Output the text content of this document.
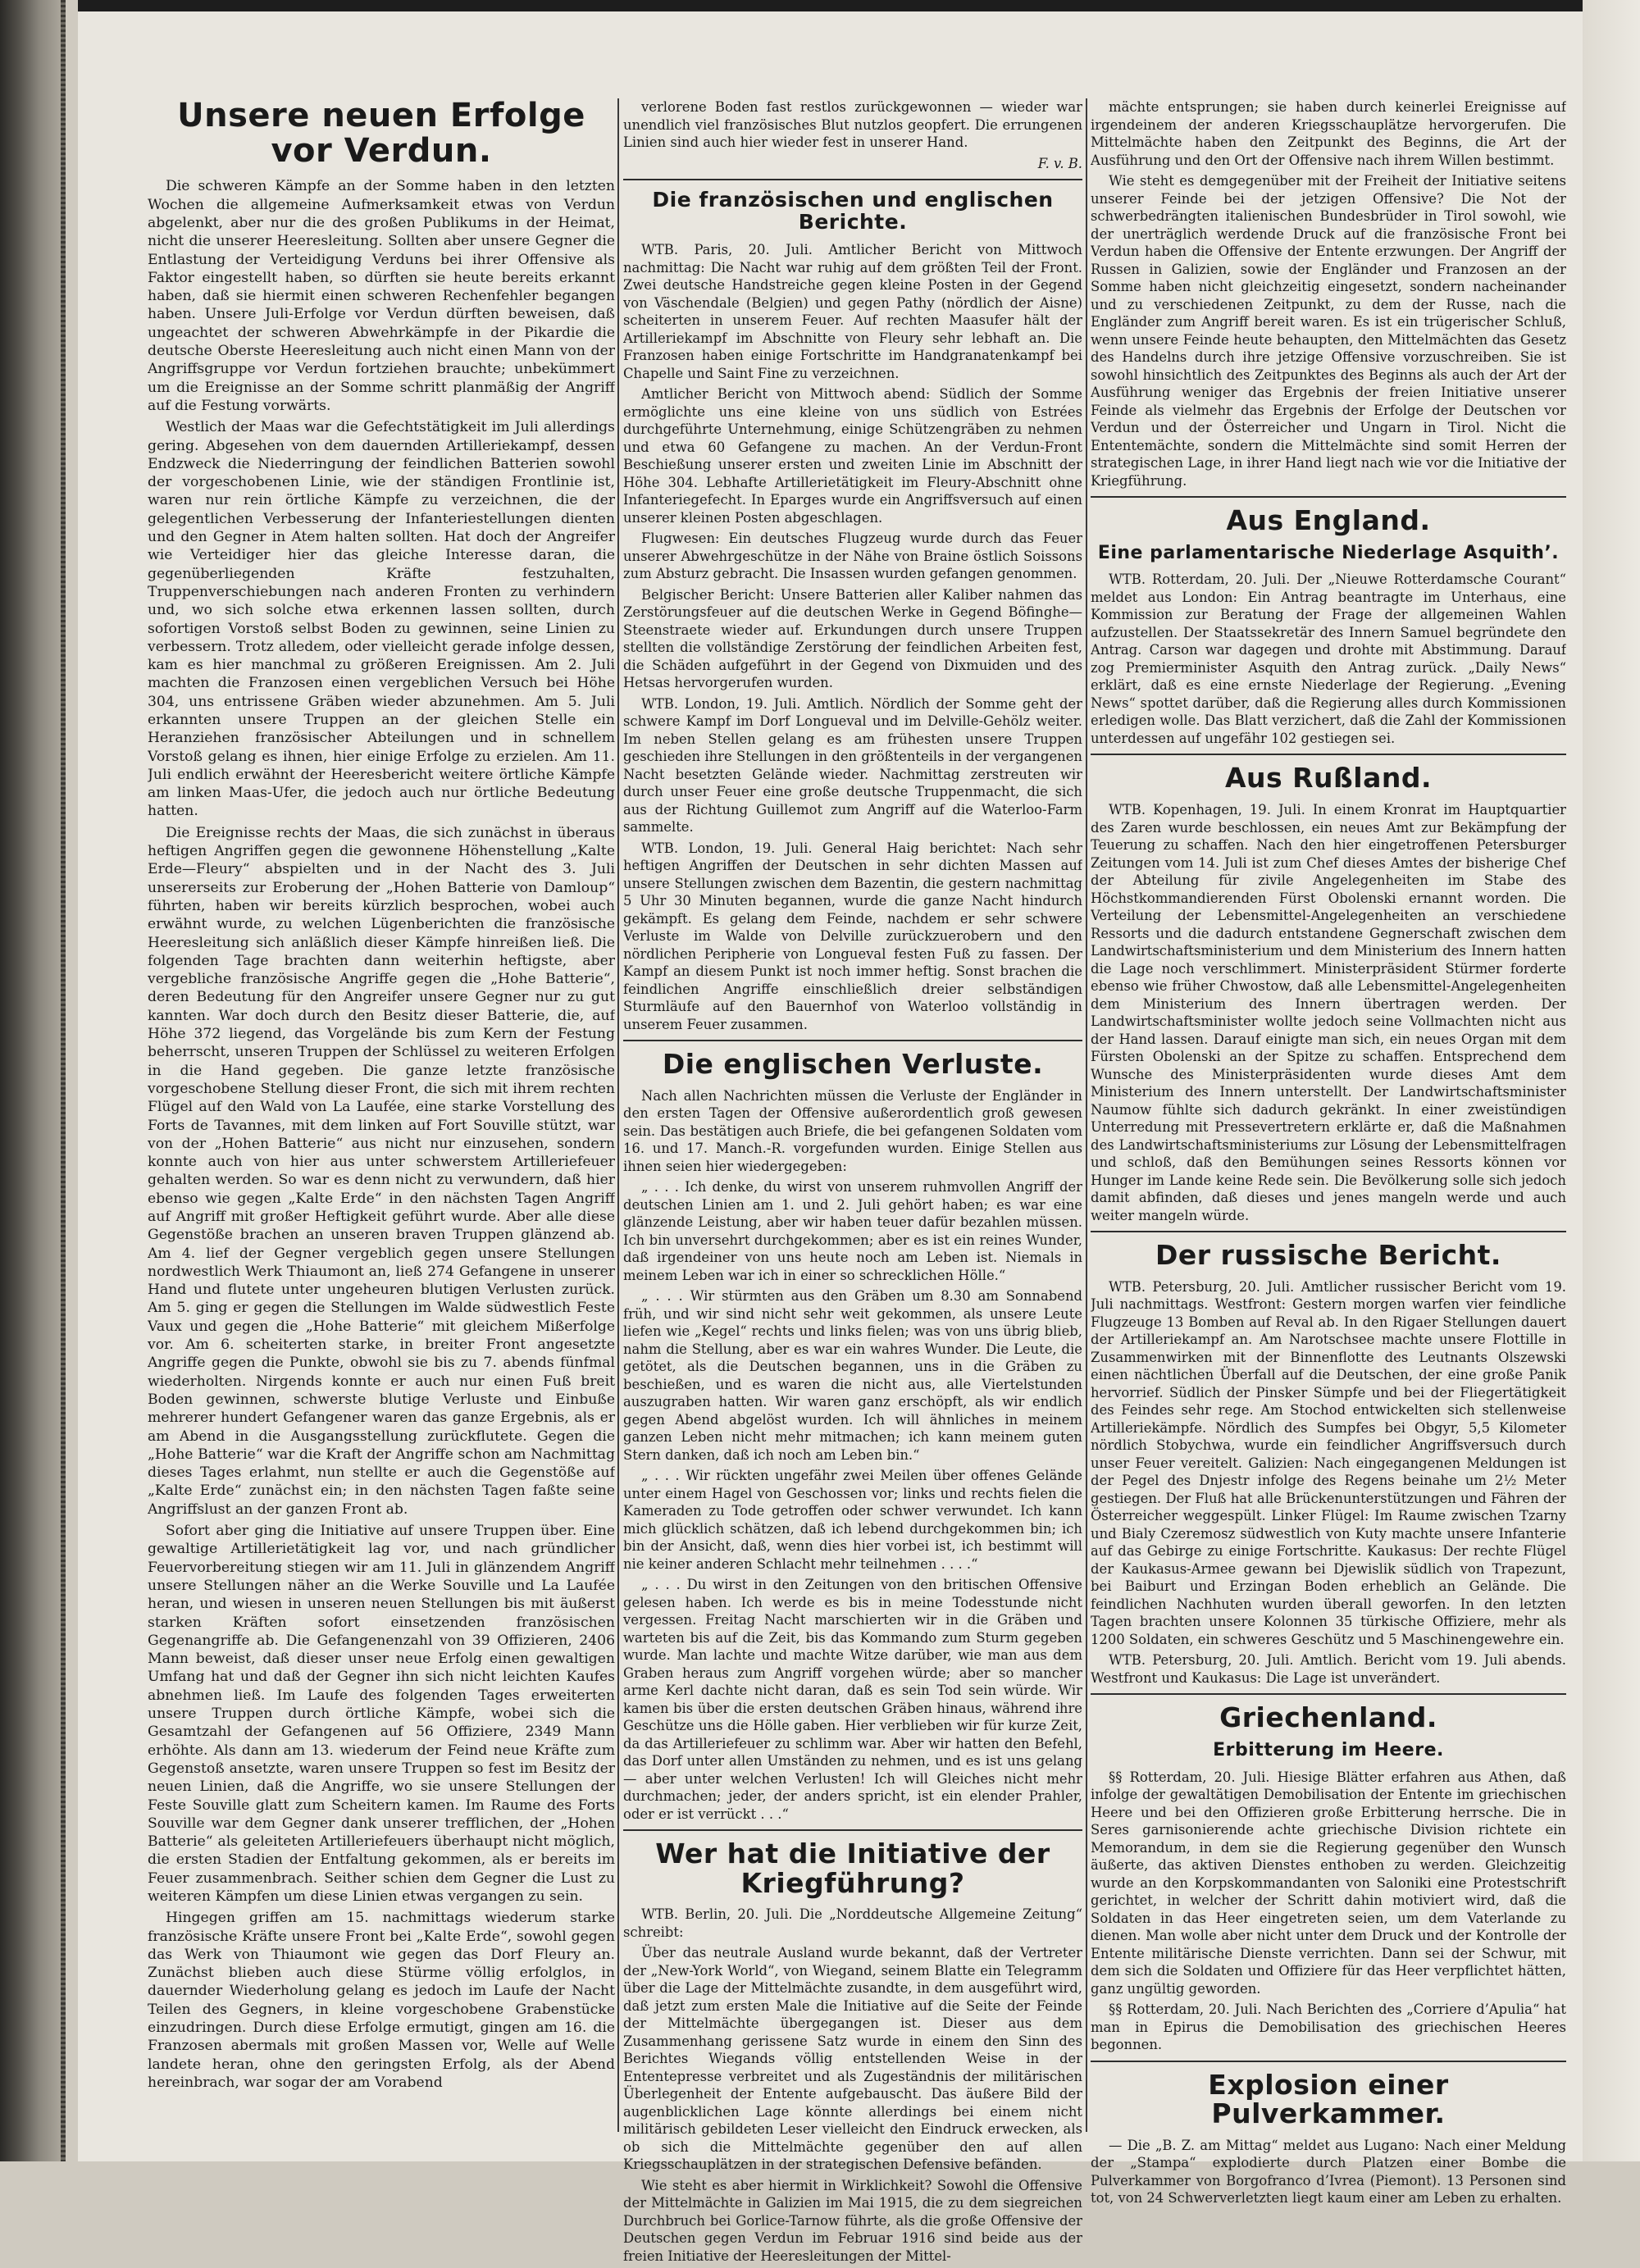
Unsere neuen Erfolge vor Verdun.

Die schweren Kämpfe an der Somme haben in den letzten Wochen die allgemeine Aufmerksamkeit etwas von Verdun abgelenkt, aber nur die des großen Publikums in der Heimat, nicht die unserer Heeresleitung. Sollten aber unsere Gegner die Entlastung der Verteidigung Verduns bei ihrer Offensive als Faktor eingestellt haben, so dürften sie heute bereits erkannt haben, daß sie hiermit einen schweren Rechenfehler begangen haben. Unsere Juli-Erfolge vor Verdun dürften beweisen, daß ungeachtet der schweren Abwehrkämpfe in der Pikardie die deutsche Oberste Heeresleitung auch nicht einen Mann von der Angriffsgruppe vor Verdun fortziehen brauchte; unbekümmert um die Ereignisse an der Somme schritt planmäßig der Angriff auf die Festung vorwärts.

Westlich der Maas war die Gefechtstätigkeit im Juli allerdings gering. Abgesehen von dem dauernden Artilleriekampf, dessen Endzweck die Niederringung der feindlichen Batterien sowohl der vorgeschobenen Linie, wie der ständigen Frontlinie ist, waren nur rein örtliche Kämpfe zu verzeichnen, die der gelegentlichen Verbesserung der Infanteriestellungen dienten und den Gegner in Atem halten sollten. Hat doch der Angreifer wie Verteidiger hier das gleiche Interesse daran, die gegenüberliegenden Kräfte festzuhalten, Truppenverschiebungen nach anderen Fronten zu verhindern und, wo sich solche etwa erkennen lassen sollten, durch sofortigen Vorstoß selbst Boden zu gewinnen, seine Linien zu verbessern. Trotz alledem, oder vielleicht gerade infolge dessen, kam es hier manchmal zu größeren Ereignissen. Am 2. Juli machten die Franzosen einen vergeblichen Versuch bei Höhe 304, uns entrissene Gräben wieder abzunehmen. Am 5. Juli erkannten unsere Truppen an der gleichen Stelle ein Heranziehen französischer Abteilungen und in schnellem Vorstoß gelang es ihnen, hier einige Erfolge zu erzielen. Am 11. Juli endlich erwähnt der Heeresbericht weitere örtliche Kämpfe am linken Maas-Ufer, die jedoch auch nur örtliche Bedeutung hatten.

Die Ereignisse rechts der Maas, die sich zunächst in überaus heftigen Angriffen gegen die gewonnene Höhenstellung „Kalte Erde—Fleury“ abspielten und in der Nacht des 3. Juli unsererseits zur Eroberung der „Hohen Batterie von Damloup“ führten, haben wir bereits kürzlich besprochen, wobei auch erwähnt wurde, zu welchen Lügenberichten die französische Heeresleitung sich anläßlich dieser Kämpfe hinreißen ließ. Die folgenden Tage brachten dann weiterhin heftigste, aber vergebliche französische Angriffe gegen die „Hohe Batterie“, deren Bedeutung für den Angreifer unsere Gegner nur zu gut kannten. War doch durch den Besitz dieser Batterie, die, auf Höhe 372 liegend, das Vorgelände bis zum Kern der Festung beherrscht, unseren Truppen der Schlüssel zu weiteren Erfolgen in die Hand gegeben. Die ganze letzte französische vorgeschobene Stellung dieser Front, die sich mit ihrem rechten Flügel auf den Wald von La Laufée, eine starke Vorstellung des Forts de Tavannes, mit dem linken auf Fort Souville stützt, war von der „Hohen Batterie“ aus nicht nur einzusehen, sondern konnte auch von hier aus unter schwerstem Artilleriefeuer gehalten werden. So war es denn nicht zu verwundern, daß hier ebenso wie gegen „Kalte Erde“ in den nächsten Tagen Angriff auf Angriff mit großer Heftigkeit geführt wurde. Aber alle diese Gegenstöße brachen an unseren braven Truppen glänzend ab. Am 4. lief der Gegner vergeblich gegen unsere Stellungen nordwestlich Werk Thiaumont an, ließ 274 Gefangene in unserer Hand und flutete unter ungeheuren blutigen Verlusten zurück. Am 5. ging er gegen die Stellungen im Walde südwestlich Feste Vaux und gegen die „Hohe Batterie“ mit gleichem Mißerfolge vor. Am 6. scheiterten starke, in breiter Front angesetzte Angriffe gegen die Punkte, obwohl sie bis zu 7. abends fünfmal wiederholten. Nirgends konnte er auch nur einen Fuß breit Boden gewinnen, schwerste blutige Verluste und Einbuße mehrerer hundert Gefangener waren das ganze Ergebnis, als er am Abend in die Ausgangsstellung zurückflutete. Gegen die „Hohe Batterie“ war die Kraft der Angriffe schon am Nachmittag dieses Tages erlahmt, nun stellte er auch die Gegenstöße auf „Kalte Erde“ zunächst ein; in den nächsten Tagen faßte seine Angriffslust an der ganzen Front ab.

Sofort aber ging die Initiative auf unsere Truppen über. Eine gewaltige Artillerietätigkeit lag vor, und nach gründlicher Feuervorbereitung stiegen wir am 11. Juli in glänzendem Angriff unsere Stellungen näher an die Werke Souville und La Laufée heran, und wiesen in unseren neuen Stellungen bis mit äußerst starken Kräften sofort einsetzenden französischen Gegenangriffe ab. Die Gefangenenzahl von 39 Offizieren, 2406 Mann beweist, daß dieser unser neue Erfolg einen gewaltigen Umfang hat und daß der Gegner ihn sich nicht leichten Kaufes abnehmen ließ. Im Laufe des folgenden Tages erweiterten unsere Truppen durch örtliche Kämpfe, wobei sich die Gesamtzahl der Gefangenen auf 56 Offiziere, 2349 Mann erhöhte. Als dann am 13. wiederum der Feind neue Kräfte zum Gegenstoß ansetzte, waren unsere Truppen so fest im Besitz der neuen Linien, daß die Angriffe, wo sie unsere Stellungen der Feste Souville glatt zum Scheitern kamen. Im Raume des Forts Souville war dem Gegner dank unserer trefflichen, der „Hohen Batterie“ als geleiteten Artilleriefeuers überhaupt nicht möglich, die ersten Stadien der Entfaltung gekommen, als er bereits im Feuer zusammenbrach. Seither schien dem Gegner die Lust zu weiteren Kämpfen um diese Linien etwas vergangen zu sein.

Hingegen griffen am 15. nachmittags wiederum starke französische Kräfte unsere Front bei „Kalte Erde“, sowohl gegen das Werk von Thiaumont wie gegen das Dorf Fleury an. Zunächst blieben auch diese Stürme völlig erfolglos, in dauernder Wiederholung gelang es jedoch im Laufe der Nacht Teilen des Gegners, in kleine vorgeschobene Grabenstücke einzudringen. Durch diese Erfolge ermutigt, gingen am 16. die Franzosen abermals mit großen Massen vor, Welle auf Welle landete heran, ohne den geringsten Erfolg, als der Abend hereinbrach, war sogar der am Vorabend

verlorene Boden fast restlos zurückgewonnen — wieder war unendlich viel französisches Blut nutzlos geopfert. Die errungenen Linien sind auch hier wieder fest in unserer Hand.

F. v. B.
Die französischen und englischen Berichte.

WTB. Paris, 20. Juli. Amtlicher Bericht von Mittwoch nachmittag: Die Nacht war ruhig auf dem größten Teil der Front. Zwei deutsche Handstreiche gegen kleine Posten in der Gegend von Väschendale (Belgien) und gegen Pathy (nördlich der Aisne) scheiterten in unserem Feuer. Auf rechten Maasufer hält der Artilleriekampf im Abschnitte von Fleury sehr lebhaft an. Die Franzosen haben einige Fortschritte im Handgranatenkampf bei Chapelle und Saint Fine zu verzeichnen.

Amtlicher Bericht von Mittwoch abend: Südlich der Somme ermöglichte uns eine kleine von uns südlich von Estrées durchgeführte Unternehmung, einige Schützengräben zu nehmen und etwa 60 Gefangene zu machen. An der Verdun-Front Beschießung unserer ersten und zweiten Linie im Abschnitt der Höhe 304. Lebhafte Artillerietätigkeit im Fleury-Abschnitt ohne Infanteriegefecht. In Eparges wurde ein Angriffsversuch auf einen unserer kleinen Posten abgeschlagen.

Flugwesen: Ein deutsches Flugzeug wurde durch das Feuer unserer Abwehrgeschütze in der Nähe von Braine östlich Soissons zum Absturz gebracht. Die Insassen wurden gefangen genommen.

Belgischer Bericht: Unsere Batterien aller Kaliber nahmen das Zerstörungsfeuer auf die deutschen Werke in Gegend Böfinghe—Steenstraete wieder auf. Erkundungen durch unsere Truppen stellten die vollständige Zerstörung der feindlichen Arbeiten fest, die Schäden aufgeführt in der Gegend von Dixmuiden und des Hetsas hervorgerufen wurden.

WTB. London, 19. Juli. Amtlich. Nördlich der Somme geht der schwere Kampf im Dorf Longueval und im Delville-Gehölz weiter. Im neben Stellen gelang es am frühesten unsere Truppen geschieden ihre Stellungen in den größtenteils in der vergangenen Nacht besetzten Gelände wieder. Nachmittag zerstreuten wir durch unser Feuer eine große deutsche Truppenmacht, die sich aus der Richtung Guillemot zum Angriff auf die Waterloo-Farm sammelte.

WTB. London, 19. Juli. General Haig berichtet: Nach sehr heftigen Angriffen der Deutschen in sehr dichten Massen auf unsere Stellungen zwischen dem Bazentin, die gestern nachmittag 5 Uhr 30 Minuten begannen, wurde die ganze Nacht hindurch gekämpft. Es gelang dem Feinde, nachdem er sehr schwere Verluste im Walde von Delville zurückzuerobern und den nördlichen Peripherie von Longueval festen Fuß zu fassen. Der Kampf an diesem Punkt ist noch immer heftig. Sonst brachen die feindlichen Angriffe einschließlich dreier selbständigen Sturmläufe auf den Bauernhof von Waterloo vollständig in unserem Feuer zusammen.

Die englischen Verluste.

Nach allen Nachrichten müssen die Verluste der Engländer in den ersten Tagen der Offensive außerordentlich groß gewesen sein. Das bestätigen auch Briefe, die bei gefangenen Soldaten vom 16. und 17. Manch.-R. vorgefunden wurden. Einige Stellen aus ihnen seien hier wiedergegeben:

„ . . . Ich denke, du wirst von unserem ruhmvollen Angriff der deutschen Linien am 1. und 2. Juli gehört haben; es war eine glänzende Leistung, aber wir haben teuer dafür bezahlen müssen. Ich bin unversehrt durchgekommen; aber es ist ein reines Wunder, daß irgendeiner von uns heute noch am Leben ist. Niemals in meinem Leben war ich in einer so schrecklichen Hölle.“

„ . . . Wir stürmten aus den Gräben um 8.30 am Sonnabend früh, und wir sind nicht sehr weit gekommen, als unsere Leute liefen wie „Kegel“ rechts und links fielen; was von uns übrig blieb, nahm die Stellung, aber es war ein wahres Wunder. Die Leute, die getötet, als die Deutschen begannen, uns in die Gräben zu beschießen, und es waren die nicht aus, alle Viertelstunden auszugraben hatten. Wir waren ganz erschöpft, als wir endlich gegen Abend abgelöst wurden. Ich will ähnliches in meinem ganzen Leben nicht mehr mitmachen; ich kann meinem guten Stern danken, daß ich noch am Leben bin.“

„ . . . Wir rückten ungefähr zwei Meilen über offenes Gelände unter einem Hagel von Geschossen vor; links und rechts fielen die Kameraden zu Tode getroffen oder schwer verwundet. Ich kann mich glücklich schätzen, daß ich lebend durchgekommen bin; ich bin der Ansicht, daß, wenn dies hier vorbei ist, ich bestimmt will nie keiner anderen Schlacht mehr teilnehmen . . . .“

„ . . . Du wirst in den Zeitungen von den britischen Offensive gelesen haben. Ich werde es bis in meine Todesstunde nicht vergessen. Freitag Nacht marschierten wir in die Gräben und warteten bis auf die Zeit, bis das Kommando zum Sturm gegeben wurde. Man lachte und machte Witze darüber, wie man aus dem Graben heraus zum Angriff vorgehen würde; aber so mancher arme Kerl dachte nicht daran, daß es sein Tod sein würde. Wir kamen bis über die ersten deutschen Gräben hinaus, während ihre Geschütze uns die Hölle gaben. Hier verblieben wir für kurze Zeit, da das Artilleriefeuer zu schlimm war. Aber wir hatten den Befehl, das Dorf unter allen Umständen zu nehmen, und es ist uns gelang — aber unter welchen Verlusten! Ich will Gleiches nicht mehr durchmachen; jeder, der anders spricht, ist ein elender Prahler, oder er ist verrückt . . .“

Wer hat die Initiative der Kriegführung?

WTB. Berlin, 20. Juli. Die „Norddeutsche Allgemeine Zeitung“ schreibt:

Über das neutrale Ausland wurde bekannt, daß der Vertreter der „New-York World“, von Wiegand, seinem Blatte ein Telegramm über die Lage der Mittelmächte zusandte, in dem ausgeführt wird, daß jetzt zum ersten Male die Initiative auf die Seite der Feinde der Mittelmächte übergegangen ist. Dieser aus dem Zusammenhang gerissene Satz wurde in einem den Sinn des Berichtes Wiegands völlig entstellenden Weise in der Ententepresse verbreitet und als Zugeständnis der militärischen Überlegenheit der Entente aufgebauscht. Das äußere Bild der augenblicklichen Lage könnte allerdings bei einem nicht militärisch gebildeten Leser vielleicht den Eindruck erwecken, als ob sich die Mittelmächte gegenüber den auf allen Kriegsschauplätzen in der strategischen Defensive befänden.

Wie steht es aber hiermit in Wirklichkeit? Sowohl die Offensive der Mittelmächte in Galizien im Mai 1915, die zu dem siegreichen Durchbruch bei Gorlice-Tarnow führte, als die große Offensive der Deutschen gegen Verdun im Februar 1916 sind beide aus der freien Initiative der Heeresleitungen der Mittel-

mächte entsprungen; sie haben durch keinerlei Ereignisse auf irgendeinem der anderen Kriegsschauplätze hervorgerufen. Die Mittelmächte haben den Zeitpunkt des Beginns, die Art der Ausführung und den Ort der Offensive nach ihrem Willen bestimmt.

Wie steht es demgegenüber mit der Freiheit der Initiative seitens unserer Feinde bei der jetzigen Offensive? Die Not der schwerbedrängten italienischen Bundesbrüder in Tirol sowohl, wie der unerträglich werdende Druck auf die französische Front bei Verdun haben die Offensive der Entente erzwungen. Der Angriff der Russen in Galizien, sowie der Engländer und Franzosen an der Somme haben nicht gleichzeitig eingesetzt, sondern nacheinander und zu verschiedenen Zeitpunkt, zu dem der Russe, nach die Engländer zum Angriff bereit waren. Es ist ein trügerischer Schluß, wenn unsere Feinde heute behaupten, den Mittelmächten das Gesetz des Handelns durch ihre jetzige Offensive vorzuschreiben. Sie ist sowohl hinsichtlich des Zeitpunktes des Beginns als auch der Art der Ausführung weniger das Ergebnis der freien Initiative unserer Feinde als vielmehr das Ergebnis der Erfolge der Deutschen vor Verdun und der Österreicher und Ungarn in Tirol. Nicht die Ententemächte, sondern die Mittelmächte sind somit Herren der strategischen Lage, in ihrer Hand liegt nach wie vor die Initiative der Kriegführung.

Aus England.
Eine parlamentarische Niederlage Asquith’.

WTB. Rotterdam, 20. Juli. Der „Nieuwe Rotterdamsche Courant“ meldet aus London: Ein Antrag beantragte im Unterhaus, eine Kommission zur Beratung der Frage der allgemeinen Wahlen aufzustellen. Der Staatssekretär des Innern Samuel begründete den Antrag. Carson war dagegen und drohte mit Abstimmung. Darauf zog Premierminister Asquith den Antrag zurück. „Daily News“ erklärt, daß es eine ernste Niederlage der Regierung. „Evening News“ spottet darüber, daß die Regierung alles durch Kommissionen erledigen wolle. Das Blatt verzichert, daß die Zahl der Kommissionen unterdessen auf ungefähr 102 gestiegen sei.

Aus Rußland.

WTB. Kopenhagen, 19. Juli. In einem Kronrat im Hauptquartier des Zaren wurde beschlossen, ein neues Amt zur Bekämpfung der Teuerung zu schaffen. Nach den hier eingetroffenen Petersburger Zeitungen vom 14. Juli ist zum Chef dieses Amtes der bisherige Chef der Abteilung für zivile Angelegenheiten im Stabe des Höchstkommandierenden Fürst Obolenski ernannt worden. Die Verteilung der Lebensmittel-Angelegenheiten an verschiedene Ressorts und die dadurch entstandene Gegnerschaft zwischen dem Landwirtschaftsministerium und dem Ministerium des Innern hatten die Lage noch verschlimmert. Ministerpräsident Stürmer forderte ebenso wie früher Chwostow, daß alle Lebensmittel-Angelegenheiten dem Ministerium des Innern übertragen werden. Der Landwirtschaftsminister wollte jedoch seine Vollmachten nicht aus der Hand lassen. Darauf einigte man sich, ein neues Organ mit dem Fürsten Obolenski an der Spitze zu schaffen. Entsprechend dem Wunsche des Ministerpräsidenten wurde dieses Amt dem Ministerium des Innern unterstellt. Der Landwirtschaftsminister Naumow fühlte sich dadurch gekränkt. In einer zweistündigen Unterredung mit Pressevertretern erklärte er, daß die Maßnahmen des Landwirtschaftsministeriums zur Lösung der Lebensmittelfragen und schloß, daß den Bemühungen seines Ressorts können vor Hunger im Lande keine Rede sein. Die Bevölkerung solle sich jedoch damit abfinden, daß dieses und jenes mangeln werde und auch weiter mangeln würde.

Der russische Bericht.

WTB. Petersburg, 20. Juli. Amtlicher russischer Bericht vom 19. Juli nachmittags. Westfront: Gestern morgen warfen vier feindliche Flugzeuge 13 Bomben auf Reval ab. In den Rigaer Stellungen dauert der Artilleriekampf an. Am Narotschsee machte unsere Flottille in Zusammenwirken mit der Binnenflotte des Leutnants Olszewski einen nächtlichen Überfall auf die Deutschen, der eine große Panik hervorrief. Südlich der Pinsker Sümpfe und bei der Fliegertätigkeit des Feindes sehr rege. Am Stochod entwickelten sich stellenweise Artilleriekämpfe. Nördlich des Sumpfes bei Obgyr, 5,5 Kilometer nördlich Stobychwa, wurde ein feindlicher Angriffsversuch durch unser Feuer vereitelt. Galizien: Nach eingegangenen Meldungen ist der Pegel des Dnjestr infolge des Regens beinahe um 2½ Meter gestiegen. Der Fluß hat alle Brückenunterstützungen und Fähren der Österreicher weggespült. Linker Flügel: Im Raume zwischen Tzarny und Bialy Czeremosz südwestlich von Kuty machte unsere Infanterie auf das Gebirge zu einige Fortschritte. Kaukasus: Der rechte Flügel der Kaukasus-Armee gewann bei Djewislik südlich von Trapezunt, bei Baiburt und Erzingan Boden erheblich an Gelände. Die feindlichen Nachhuten wurden überall geworfen. In den letzten Tagen brachten unsere Kolonnen 35 türkische Offiziere, mehr als 1200 Soldaten, ein schweres Geschütz und 5 Maschinengewehre ein.

WTB. Petersburg, 20. Juli. Amtlich. Bericht vom 19. Juli abends. Westfront und Kaukasus: Die Lage ist unverändert.

Griechenland.
Erbitterung im Heere.

§§ Rotterdam, 20. Juli. Hiesige Blätter erfahren aus Athen, daß infolge der gewaltätigen Demobilisation der Entente im griechischen Heere und bei den Offizieren große Erbitterung herrsche. Die in Seres garnisonierende achte griechische Division richtete ein Memorandum, in dem sie die Regierung gegenüber den Wunsch äußerte, das aktiven Dienstes enthoben zu werden. Gleichzeitig wurde an den Korpskommandanten von Saloniki eine Protestschrift gerichtet, in welcher der Schritt dahin motiviert wird, daß die Soldaten in das Heer eingetreten seien, um dem Vaterlande zu dienen. Man wolle aber nicht unter dem Druck und der Kontrolle der Entente militärische Dienste verrichten. Dann sei der Schwur, mit dem sich die Soldaten und Offiziere für das Heer verpflichtet hätten, ganz ungültig geworden.

§§ Rotterdam, 20. Juli. Nach Berichten des „Corriere d’Apulia“ hat man in Epirus die Demobilisation des griechischen Heeres begonnen.

Explosion einer Pulverkammer.

— Die „B. Z. am Mittag“ meldet aus Lugano: Nach einer Meldung der „Stampa“ explodierte durch Platzen einer Bombe die Pulverkammer von Borgofranco d’Ivrea (Piemont). 13 Personen sind tot, von 24 Schwerverletzten liegt kaum einer am Leben zu erhalten.
